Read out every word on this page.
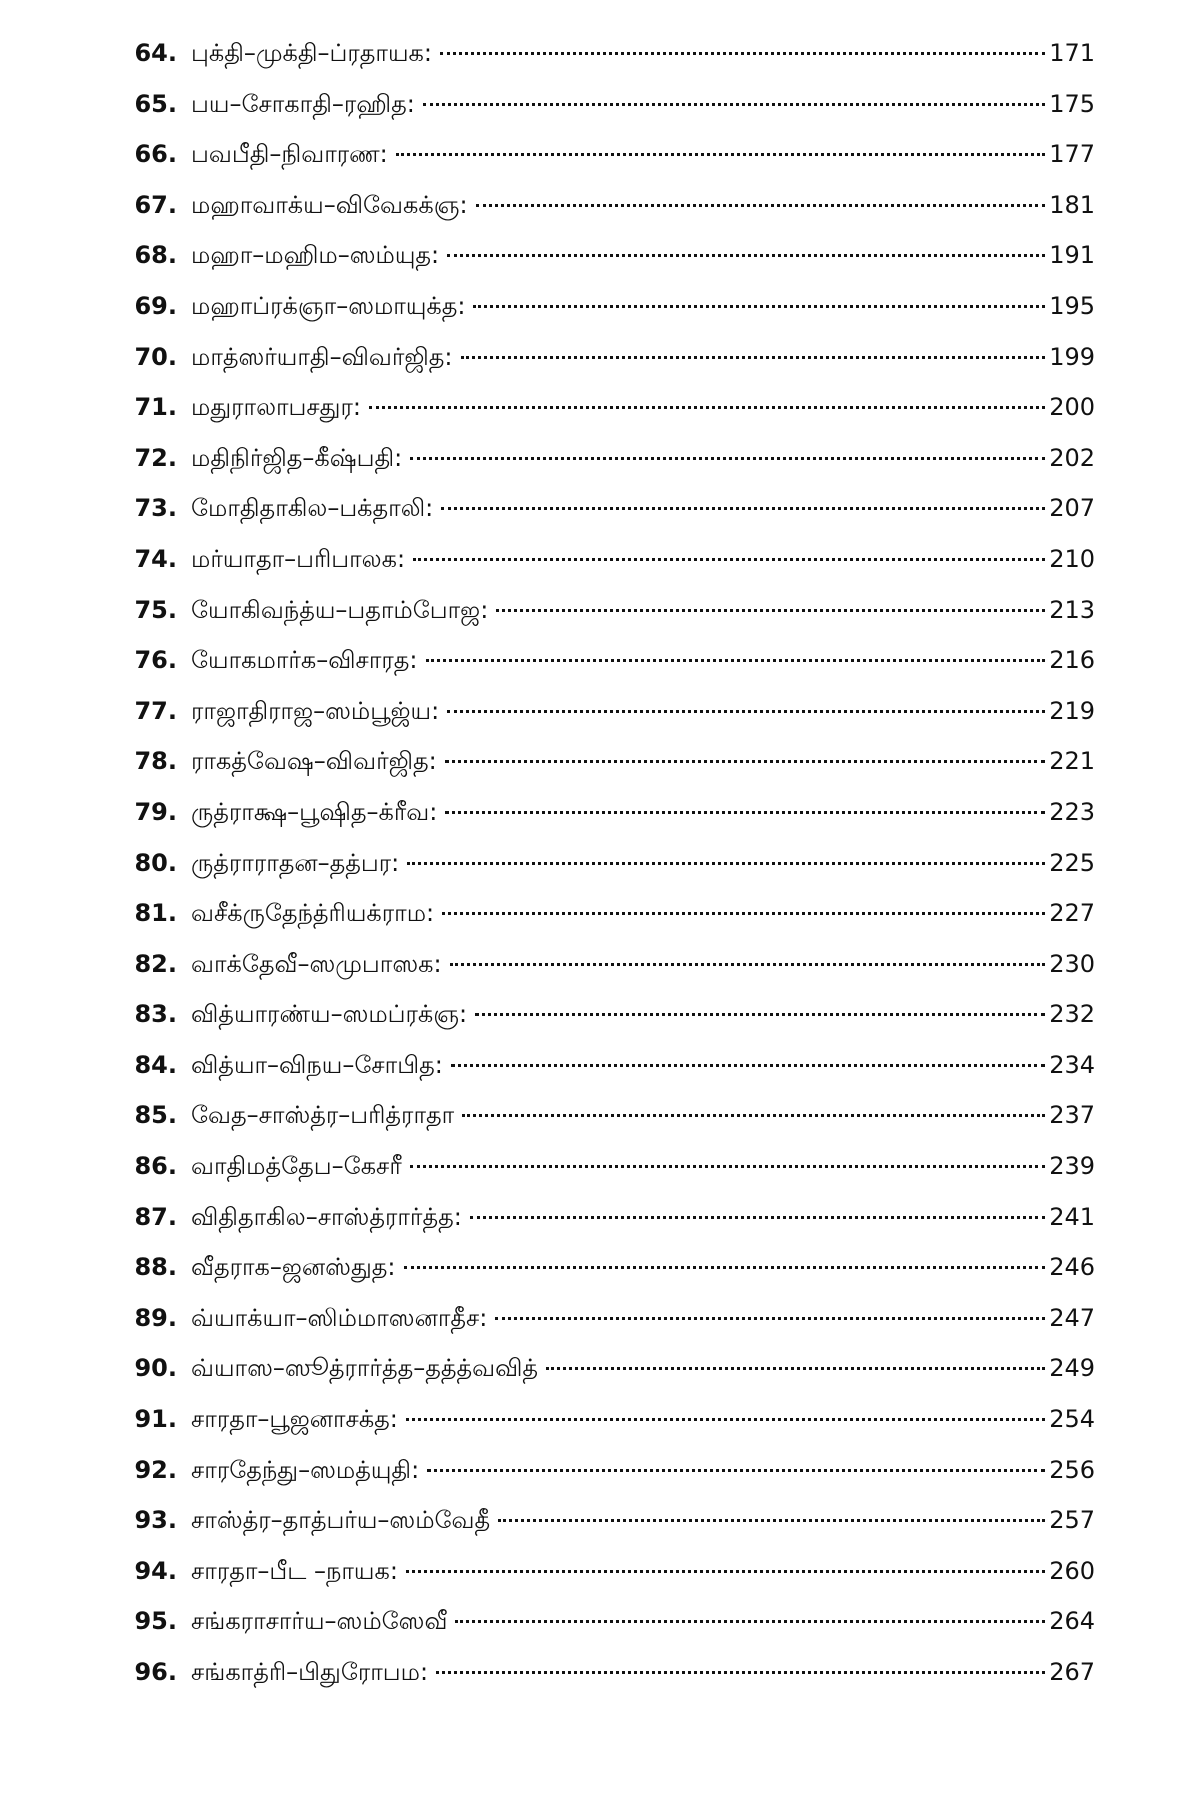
64. புக்தி–முக்தி–ப்ரதாயக:	171
65. பய–சோகாதி–ரஹித:	175
66. பவபீதி–நிவாரண:	177
67. மஹாவாக்ய–விவேகக்ஞ:	181
68. மஹா–மஹிம–ஸம்யுத:	191
69. மஹாப்ரக்ஞா–ஸமாயுக்த:	195
70. மாத்ஸர்யாதி–விவர்ஜித:	199
71. மதுராலாபசதுர:	200
72. மதிநிர்ஜித–கீஷ்பதி:	202
73. மோதிதாகில–பக்தாலி:	207
74. மர்யாதா–பரிபாலக:	210
75. யோகிவந்த்ய–பதாம்போஜ:	213
76. யோகமார்க–விசாரத:	216
77. ராஜாதிராஜ–ஸம்பூஜ்ய:	219
78. ராகத்வேஷ–விவர்ஜித:	221
79. ருத்ராக்ஷ–பூஷித–க்ரீவ:	223
80. ருத்ராராதன–தத்பர:	225
81. வசீக்ருதேந்த்ரியக்ராம:	227
82. வாக்தேவீ–ஸமுபாஸக:	230
83. வித்யாரண்ய–ஸமப்ரக்ஞ:	232
84. வித்யா–விநய–சோபித:	234
85. வேத–சாஸ்த்ர–பரித்ராதா	237
86. வாதிமத்தேப–கேசரீ	239
87. விதிதாகில–சாஸ்த்ரார்த்த:	241
88. வீதராக–ஜனஸ்துத:	246
89. வ்யாக்யா–ஸிம்மாஸனாதீச:	247
90. வ்யாஸ–ஸூத்ரார்த்த–தத்த்வவித்	249
91. சாரதா–பூஜனாசக்த:	254
92. சாரதேந்து–ஸமத்யுதி:	256
93. சாஸ்த்ர–தாத்பர்ய–ஸம்வேதீ	257
94. சாரதா–பீட –நாயக:	260
95. சங்கராசார்ய–ஸம்ஸேவீ	264
96. சங்காத்ரி–பிதுரோபம:	267
